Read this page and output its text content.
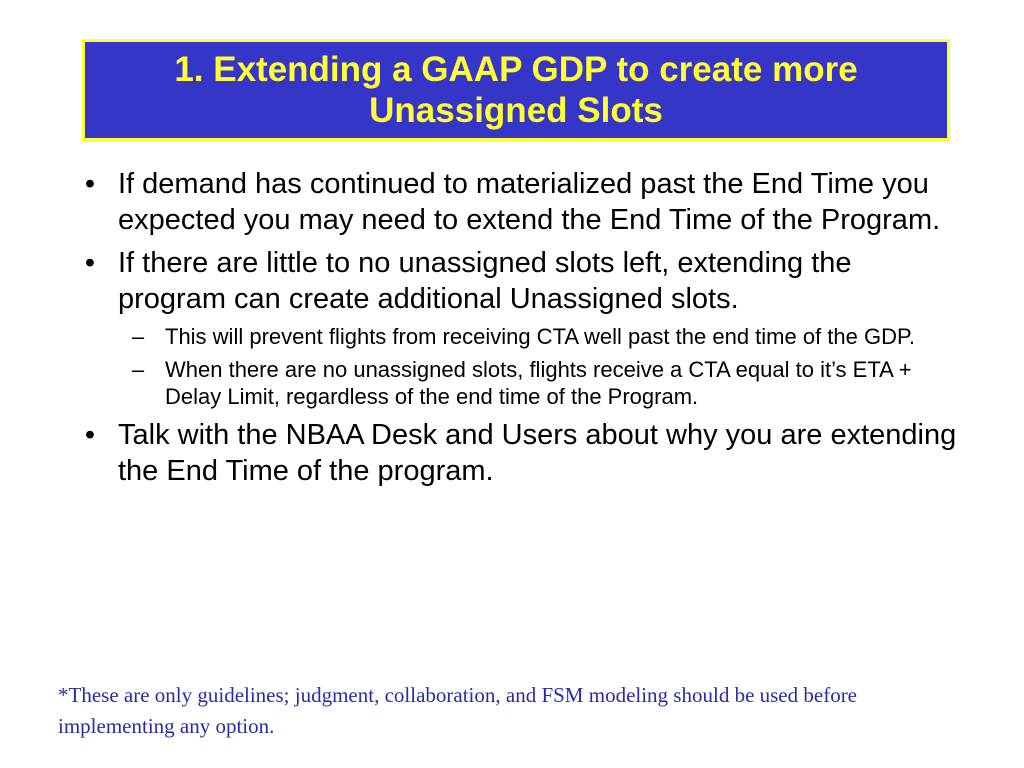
1. Extending a GAAP GDP to create more
Unassigned Slots
• If demand has continued to materialized past the End Time you expected you may need to extend the End Time of the Program.
• If there are little to no unassigned slots left, extending the program can create additional Unassigned slots.
– This will prevent flights from receiving CTA well past the end time of the GDP.
– When there are no unassigned slots, flights receive a CTA equal to it’s ETA + Delay Limit, regardless of the end time of the Program.
• Talk with the NBAA Desk and Users about why you are extending the End Time of the program.

*These are only guidelines; judgment, collaboration, and FSM modeling should be used before implementing any option.
